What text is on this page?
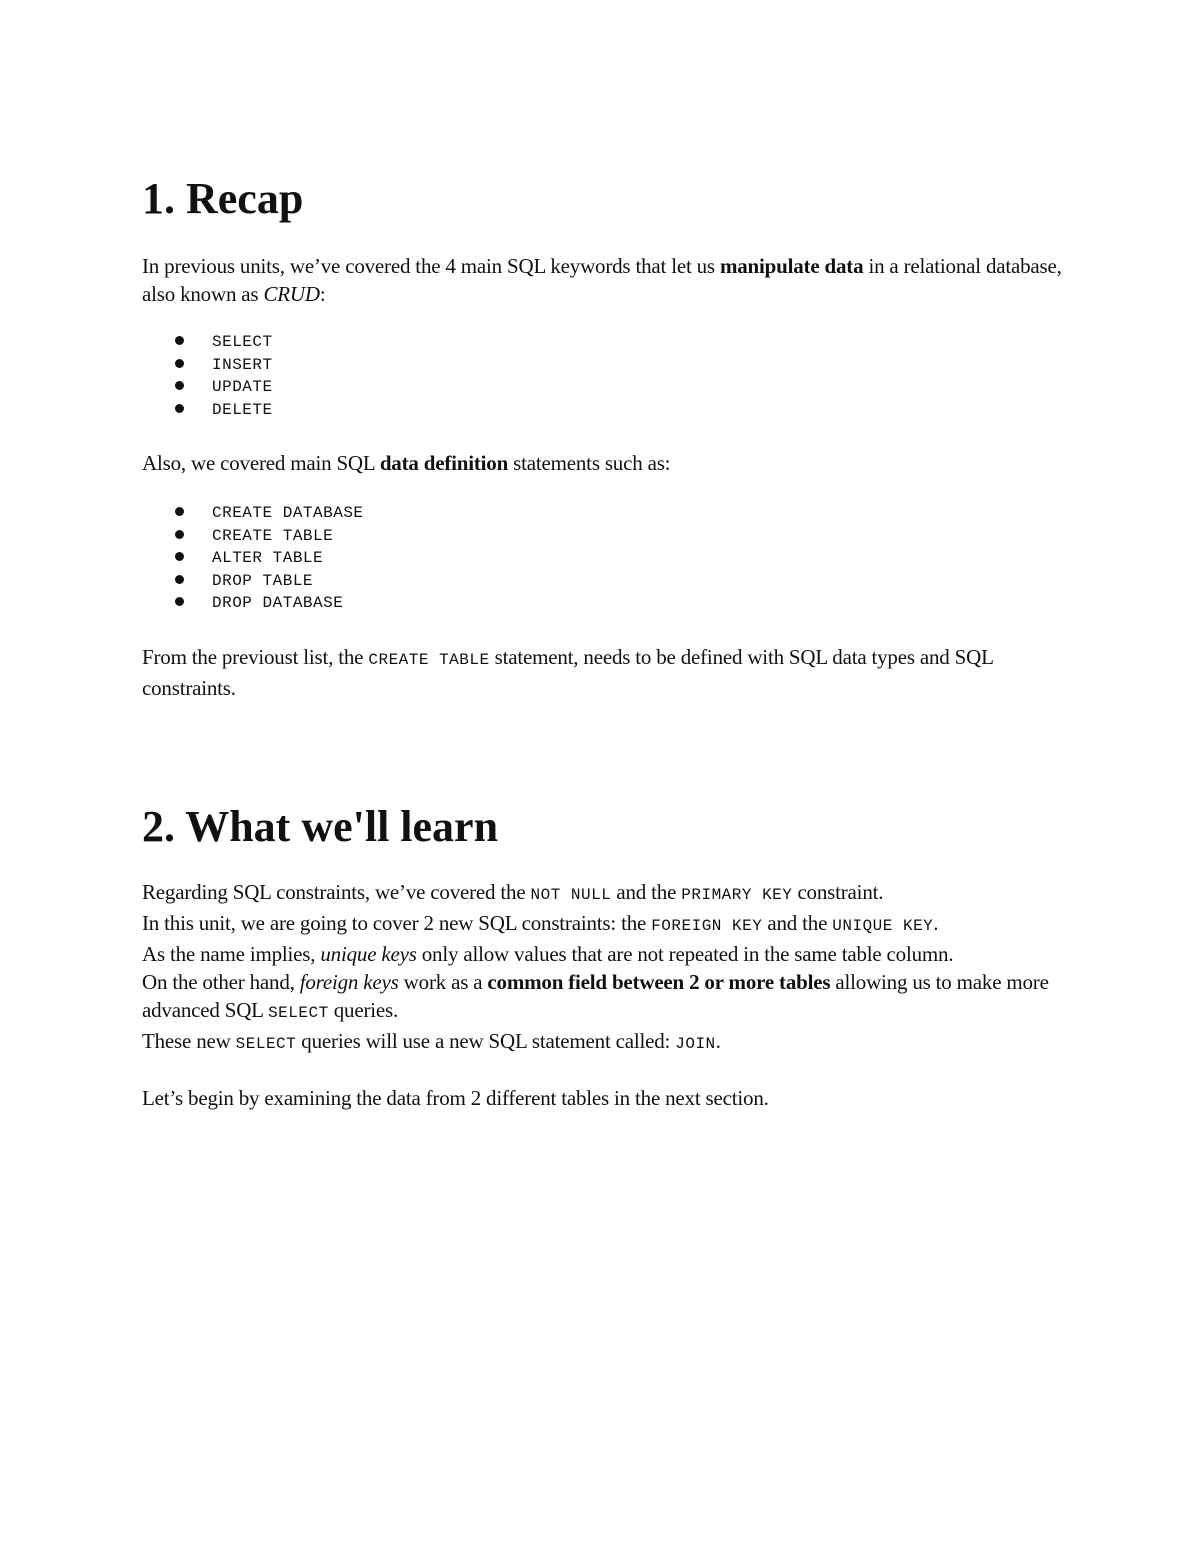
1. Recap

In previous units, we’ve covered the 4 main SQL keywords that let us manipulate data in a relational database, also known as CRUD:

SELECT
INSERT
UPDATE
DELETE

Also, we covered main SQL data definition statements such as:

CREATE DATABASE
CREATE TABLE
ALTER TABLE
DROP TABLE
DROP DATABASE

From the previoust list, the CREATE TABLE statement, needs to be defined with SQL data types and SQL constraints.

2. What we'll learn

Regarding SQL constraints, we’ve covered the NOT NULL and the PRIMARY KEY constraint.

In this unit, we are going to cover 2 new SQL constraints: the FOREIGN KEY and the UNIQUE KEY.

As the name implies, unique keys only allow values that are not repeated in the same table column.

On the other hand, foreign keys work as a common field between 2 or more tables allowing us to make more advanced SQL SELECT queries.

These new SELECT queries will use a new SQL statement called: JOIN.

Let’s begin by examining the data from 2 different tables in the next section.
